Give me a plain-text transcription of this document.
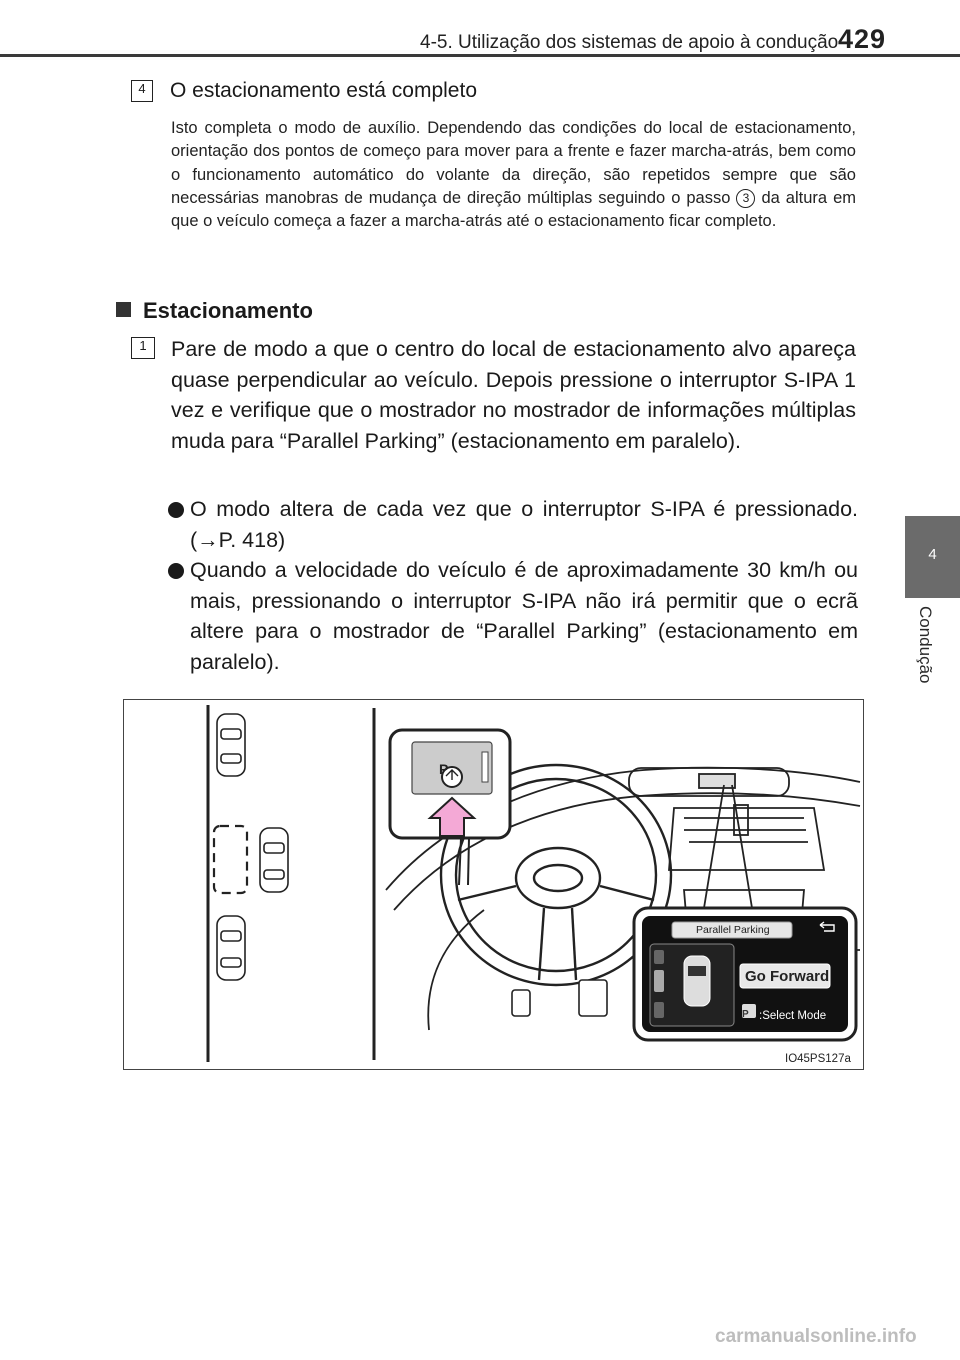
4-5. Utilização dos sistemas de apoio à condução 429
4
Condução
4	O estacionamento está completo
Isto completa o modo de auxílio. Dependendo das condições do local de estacionamento, orientação dos pontos de começo para mover para a frente e fazer marcha-atrás, bem como o funcionamento automático do volante da direção, são repetidos sempre que são necessárias manobras de mudança de direção múltiplas seguindo o passo 3 da altura em que o veículo começa a fazer a marcha-atrás até o estacionamento ficar completo.
Estacionamento
1	Pare de modo a que o centro do local de estacionamento alvo apareça quase perpendicular ao veículo. Depois pressione o interruptor S-IPA 1 vez e verifique que o mostrador no mostrador de informações múltiplas muda para “Parallel Parking” (estacionamento em paralelo).
O modo altera de cada vez que o interruptor S-IPA é pressionado. (→P. 418)
Quando a velocidade do veículo é de aproximadamente 30 km/h ou mais, pressionando o interruptor S-IPA não irá permitir que o ecrã altere para o mostrador de “Parallel Parking” (estacionamento em paralelo).
P
Parallel Parking
Go Forward
P :Select Mode
IO45PS127a
carmanualsonline.info
